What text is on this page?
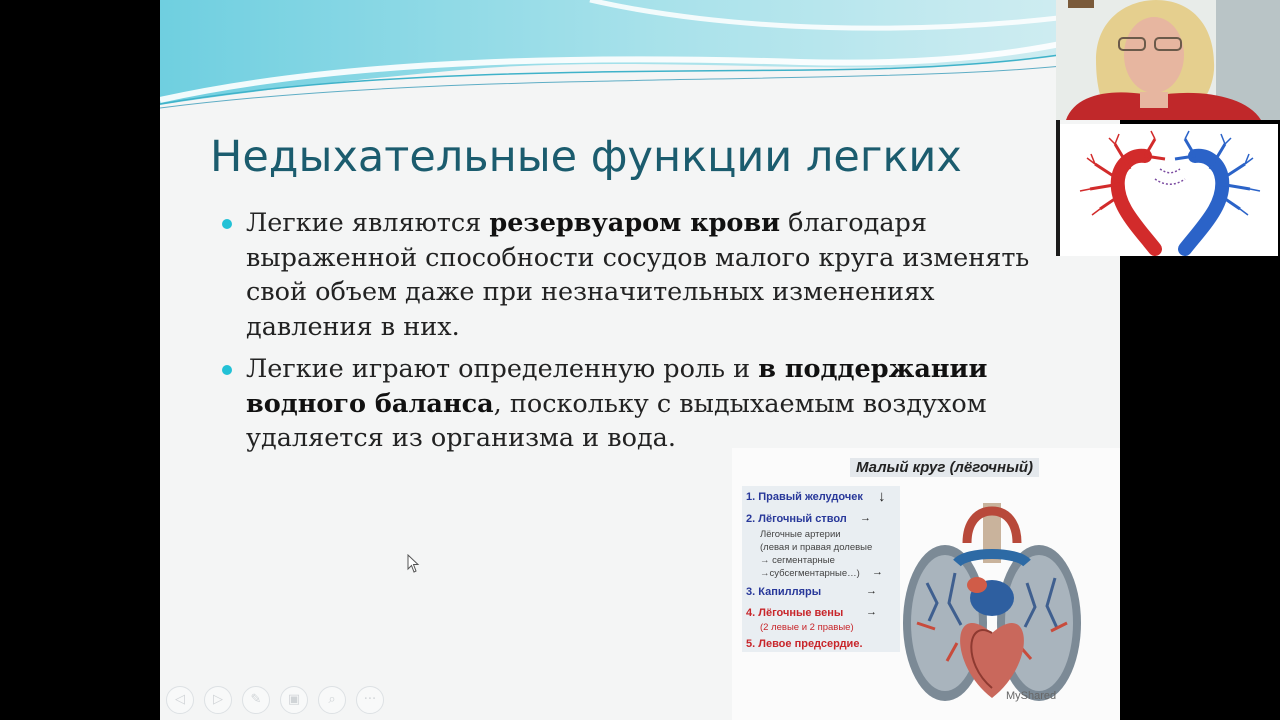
Недыхательные функции легких
Легкие являются резервуаром крови благодаря выраженной способности сосудов малого круга изменять свой объем даже при незначительных изменениях давления в них.
Легкие играют определенную роль и в поддержании водного баланса, поскольку с выдыхаемым воздухом удаляется из организма и вода.
Малый круг (лёгочный)
1. Правый желудочек ↓
2. Лёгочный ствол →
Лёгочные артерии
(левая и правая долевые
→ сегментарные
→субсегментарные…) →
3. Капилляры	→
4. Лёгочные вены →
(2 левые и 2 правые)
5. Левое предсердие.
MyShared
◁	▷	✎	▣	⌕	···
